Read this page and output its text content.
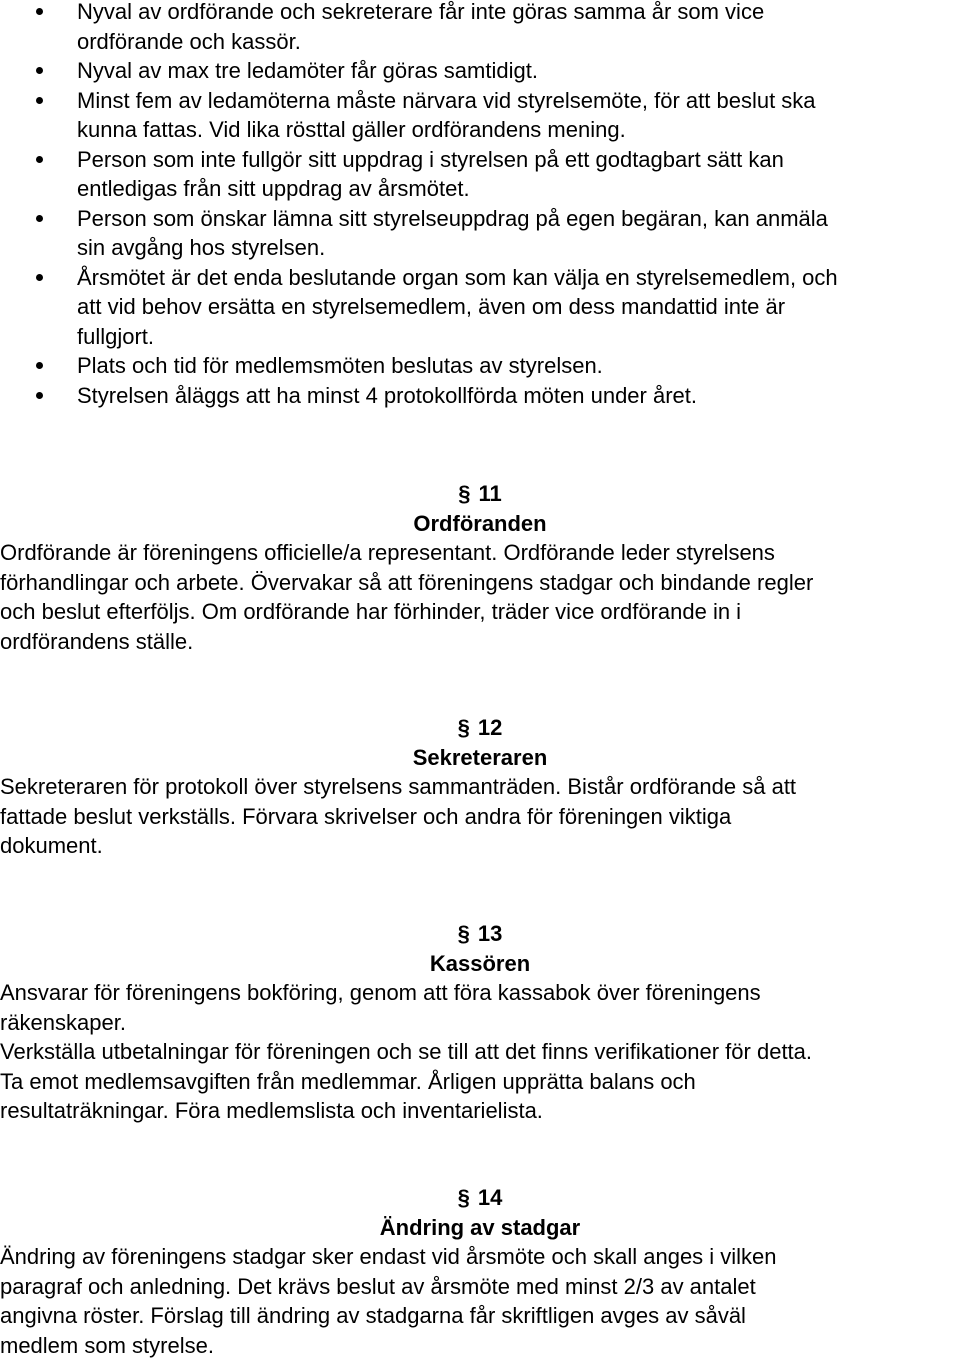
Nyval av ordförande och sekreterare får inte göras samma år som vice
ordförande och kassör.
Nyval av max tre ledamöter får göras samtidigt.
Minst fem av ledamöterna måste närvara vid styrelsemöte, för att beslut ska
kunna fattas. Vid lika rösttal gäller ordförandens mening.
Person som inte fullgör sitt uppdrag i styrelsen på ett godtagbart sätt kan
entledigas från sitt uppdrag av årsmötet.
Person som önskar lämna sitt styrelseuppdrag på egen begäran, kan anmäla
sin avgång hos styrelsen.
Årsmötet är det enda beslutande organ som kan välja en styrelsemedlem, och
att vid behov ersätta en styrelsemedlem, även om dess mandattid inte är
fullgjort.
Plats och tid för medlemsmöten beslutas av styrelsen.
Styrelsen åläggs att ha minst 4 protokollförda möten under året.
§ 11
Ordföranden
Ordförande är föreningens officielle/a representant. Ordförande leder styrelsens
förhandlingar och arbete. Övervakar så att föreningens stadgar och bindande regler
och beslut efterföljs. Om ordförande har förhinder, träder vice ordförande in i
ordförandens ställe.
§ 12
Sekreteraren
Sekreteraren för protokoll över styrelsens sammanträden. Bistår ordförande så att
fattade beslut verkställs. Förvara skrivelser och andra för föreningen viktiga
dokument.
§ 13
Kassören
Ansvarar för föreningens bokföring, genom att föra kassabok över föreningens
räkenskaper.
Verkställa utbetalningar för föreningen och se till att det finns verifikationer för detta.
Ta emot medlemsavgiften från medlemmar. Årligen upprätta balans och
resultaträkningar. Föra medlemslista och inventarielista.
§ 14
Ändring av stadgar
Ändring av föreningens stadgar sker endast vid årsmöte och skall anges i vilken
paragraf och anledning. Det krävs beslut av årsmöte med minst 2/3 av antalet
angivna röster. Förslag till ändring av stadgarna får skriftligen avges av såväl
medlem som styrelse.
